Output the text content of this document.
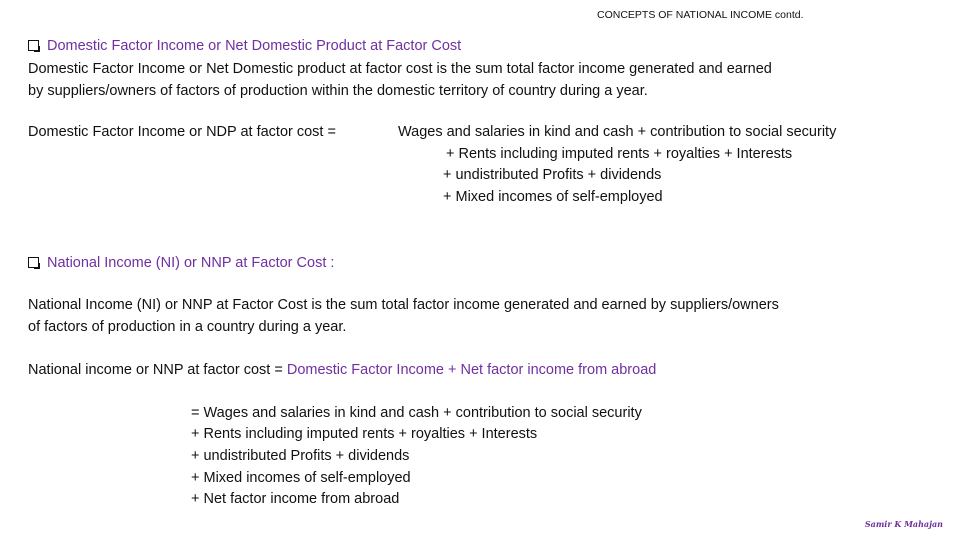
CONCEPTS OF NATIONAL INCOME contd.
Domestic Factor Income or Net Domestic Product at Factor Cost
Domestic Factor Income or Net Domestic product at factor cost is the sum total factor income generated and earned
by suppliers/owners of factors of production within the domestic territory of country during a year.
Domestic Factor Income or NDP at factor cost =	Wages and salaries in kind and cash + contribution to social security
+ Rents including imputed rents + royalties + Interests
+ undistributed Profits + dividends
+ Mixed incomes of self-employed
National Income (NI) or NNP at Factor Cost :
National Income (NI) or NNP at Factor Cost is the sum total factor income generated and earned by suppliers/owners
of factors of production in a country during a year.
National income or NNP at factor cost = Domestic Factor Income + Net factor income from abroad
= Wages and salaries in kind and cash + contribution to social security
+ Rents including imputed rents + royalties + Interests
+ undistributed Profits + dividends
+ Mixed incomes of self-employed
+ Net factor income from abroad
Samir K Mahajan
